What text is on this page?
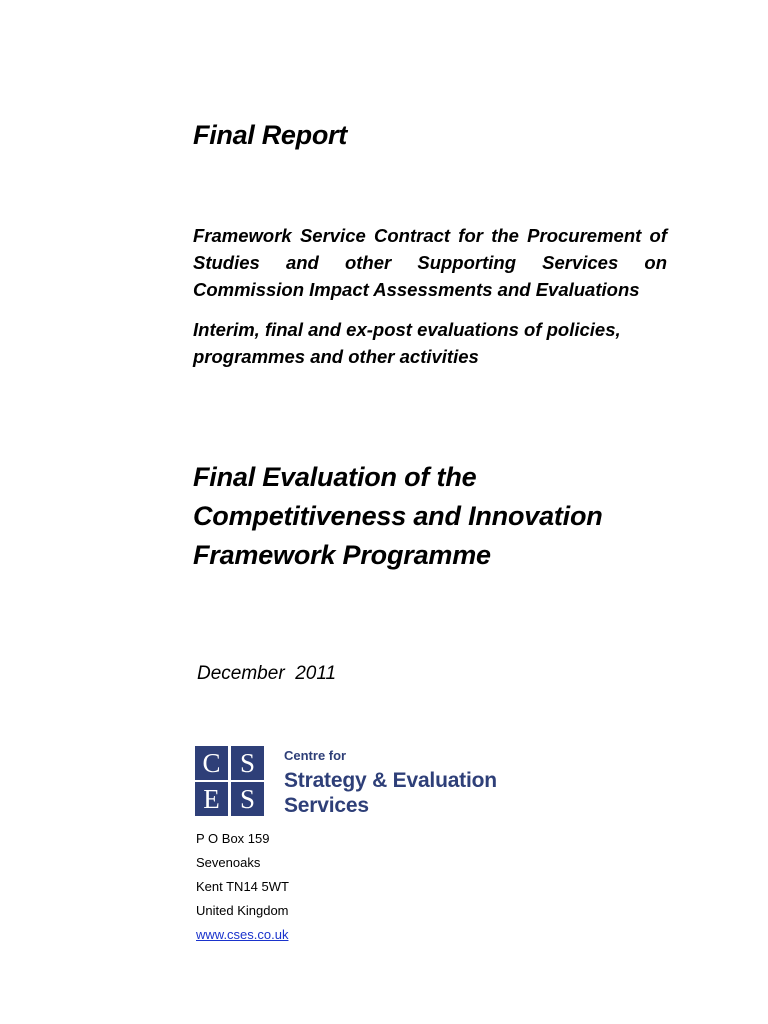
Final Report
Framework Service Contract for the Procurement of Studies and other Supporting Services on Commission Impact Assessments and Evaluations
Interim, final and ex-post evaluations of policies, programmes and other activities
Final Evaluation of the
Competitiveness and Innovation
Framework Programme
December  2011
C S
E S
Centre for
Strategy & Evaluation
Services
P O Box 159
Sevenoaks
Kent TN14 5WT
United Kingdom
www.cses.co.uk
